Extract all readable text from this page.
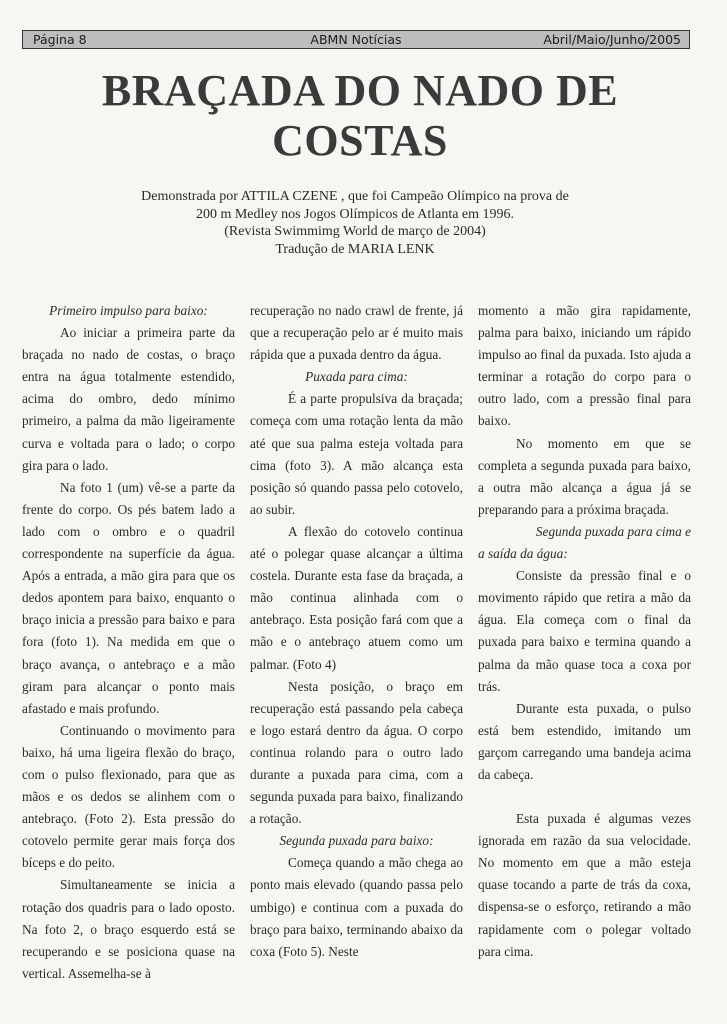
Página 8	ABMN Notícias	Abril/Maio/Junho/2005
BRAÇADA DO NADO DE
COSTAS
Demonstrada por ATTILA CZENE , que foi Campeão Olímpico na prova de
200 m Medley nos Jogos Olímpicos de Atlanta em 1996.
(Revista Swimmimg World de março de 2004)
Tradução de MARIA LENK

Primeiro impulso para baixo:

Ao iniciar a primeira parte da braçada no nado de costas, o braço entra na água totalmente estendido, acima do ombro, dedo mínimo primeiro, a palma da mão ligeiramente curva e voltada para o lado; o corpo gira para o lado.

Na foto 1 (um) vê-se a parte da frente do corpo. Os pés batem lado a lado com o ombro e o quadril correspondente na superfície da água. Após a entrada, a mão gira para que os dedos apontem para baixo, enquanto o braço inicia a pressão para baixo e para fora (foto 1). Na medida em que o braço avança, o antebraço e a mão giram para alcançar o ponto mais afastado e mais profundo.

Continuando o movimento para baixo, há uma ligeira flexão do braço, com o pulso flexionado, para que as mãos e os dedos se alinhem com o antebraço. (Foto 2). Esta pressão do cotovelo permite gerar mais força dos bíceps e do peito.

Simultaneamente se inicia a rotação dos quadris para o lado oposto. Na foto 2, o braço esquerdo está se recuperando e se posiciona quase na vertical. Assemelha-se à

recuperação no nado crawl de frente, já que a recuperação pelo ar é muito mais rápida que a puxada dentro da água.

Puxada para cima:

É a parte propulsiva da braçada; começa com uma rotação lenta da mão até que sua palma esteja voltada para cima (foto 3). A mão alcança esta posição só quando passa pelo cotovelo, ao subir.

A flexão do cotovelo continua até o polegar quase alcançar a última costela. Durante esta fase da braçada, a mão continua alinhada com o antebraço. Esta posição fará com que a mão e o antebraço atuem como um palmar. (Foto 4)

Nesta posição, o braço em recuperação está passando pela cabeça e logo estará dentro da água. O corpo continua rolando para o outro lado durante a puxada para cima, com a segunda puxada para baixo, finalizando a rotação.

Segunda puxada para baixo:

Começa quando a mão chega ao ponto mais elevado (quando passa pelo umbigo) e continua com a puxada do braço para baixo, terminando abaixo da coxa (Foto 5). Neste

momento a mão gira rapidamente, palma para baixo, iniciando um rápido impulso ao final da puxada. Isto ajuda a terminar a rotação do corpo para o outro lado, com a pressão final para baixo.

No momento em que se completa a segunda puxada para baixo, a outra mão alcança a água já se preparando para a próxima braçada.

Segunda puxada para cima e

a saída da água:

Consiste da pressão final e o movimento rápido que retira a mão da água. Ela começa com o final da puxada para baixo e termina quando a palma da mão quase toca a coxa por trás.

Durante esta puxada, o pulso está bem estendido, imitando um garçom carregando uma bandeja acima da cabeça.

Esta puxada é algumas vezes ignorada em razão da sua velocidade. No momento em que a mão esteja quase tocando a parte de trás da coxa, dispensa-se o esforço, retirando a mão rapidamente com o polegar voltado para cima.
